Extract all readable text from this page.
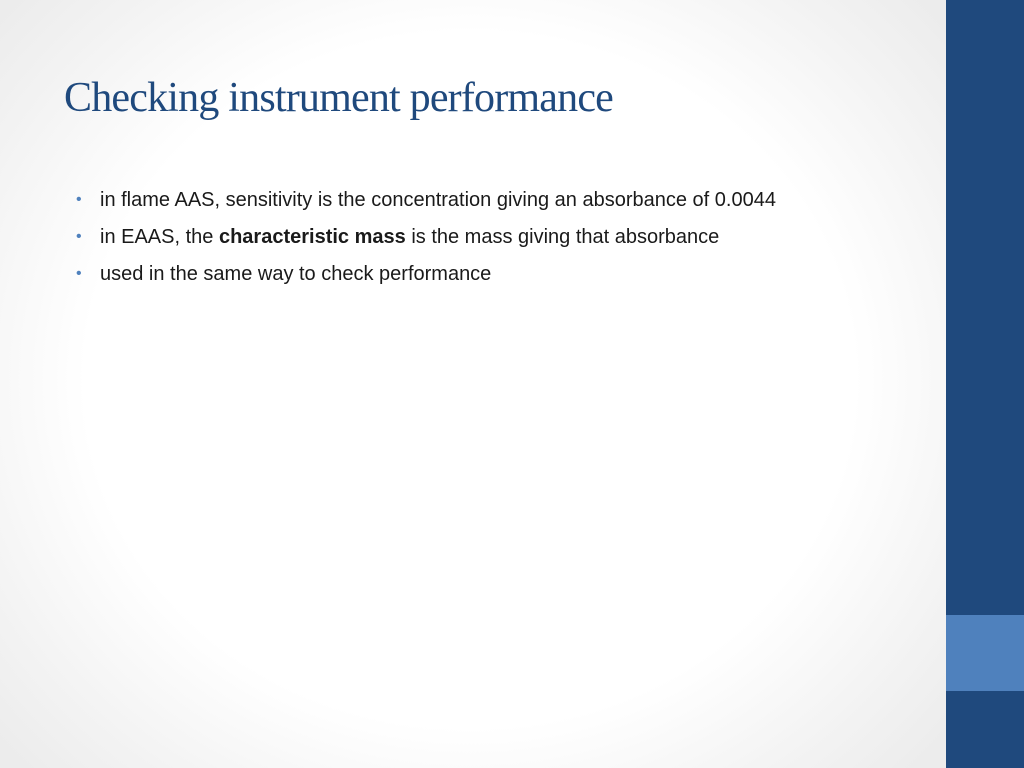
Checking instrument performance
• in flame AAS, sensitivity is the concentration giving an absorbance of 0.0044
• in EAAS, the characteristic mass is the mass giving that absorbance
• used in the same way to check performance
